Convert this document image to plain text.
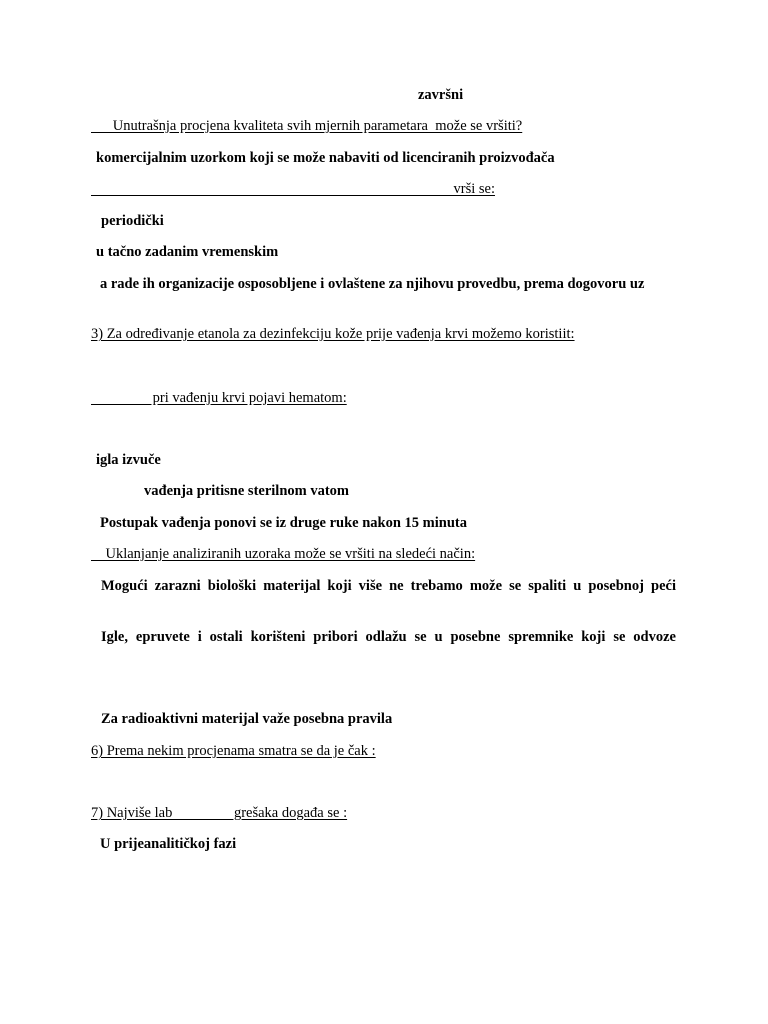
završni
Unutrašnja procjena kvaliteta svih mjernih parametara  može se vršiti?
komercijalnim uzorkom koji se može nabaviti od licenciranih proizvođača
vrši se:
periodički
u tačno zadanim vremenskim
a rade ih organizacije osposobljene i ovlaštene za njihovu provedbu, prema dogovoru uz
3) Za određivanje etanola za dezinfekciju kože prije vađenja krvi možemo koristiit:
pri vađenju krvi pojavi hematom:
igla izvuče
vađenja pritisne sterilnom vatom
Postupak vađenja ponovi se iz druge ruke nakon 15 minuta
Uklanjanje analiziranih uzoraka može se vršiti na sledeći način:
Mogući zarazni biološki materijal koji više ne trebamo može se spaliti u posebnoj peći
Igle, epruvete i ostali korišteni pribori odlažu se u posebne spremnike koji se odvoze
Za radioaktivni materijal važe posebna pravila
6) Prema nekim procjenama smatra se da je čak :
7) Najviše lab                 grešaka događa se :
U prijeanalitičkoj fazi
